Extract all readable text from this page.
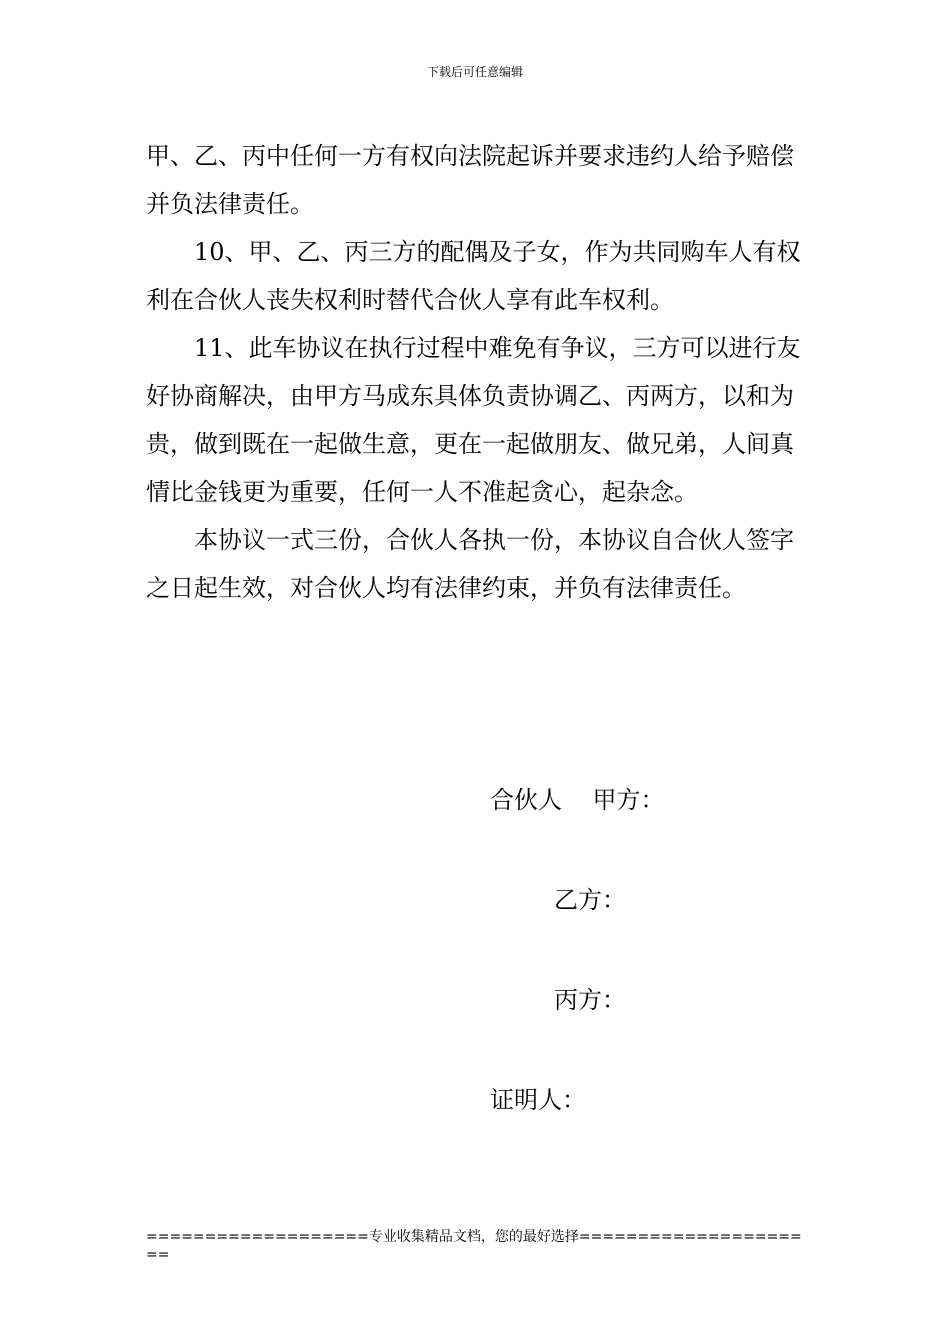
下载后可任意编辑

甲、乙、丙中任何一方有权向法院起诉并要求违约人给予赔偿并负法律责任。

10、甲、乙、丙三方的配偶及子女，作为共同购车人有权利在合伙人丧失权利时替代合伙人享有此车权利。

11、此车协议在执行过程中难免有争议，三方可以进行友好协商解决，由甲方马成东具体负责协调乙、丙两方，以和为贵，做到既在一起做生意，更在一起做朋友、做兄弟，人间真情比金钱更为重要，任何一人不准起贪心，起杂念。

本协议一式三份，合伙人各执一份，本协议自合伙人签字之日起生效，对合伙人均有法律约束，并负有法律责任。

合伙人    甲方：
乙方：
丙方：
证明人：
===================专业收集精品文档，您的最好选择=====================
